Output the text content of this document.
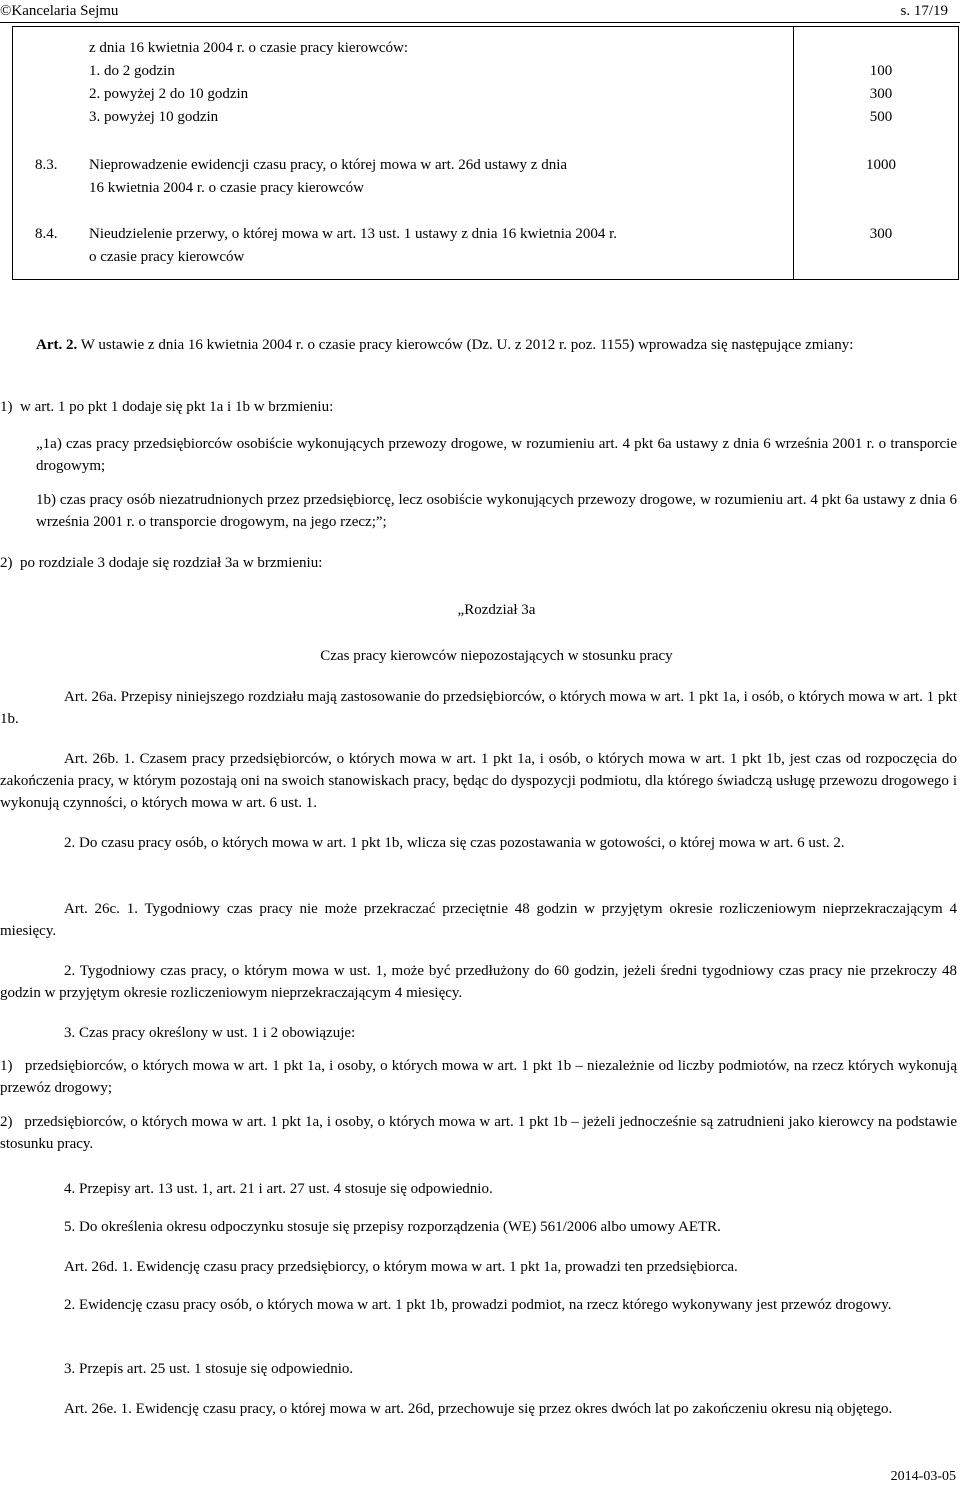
©Kancelaria Sejmu	s. 17/19
z dnia 16 kwietnia 2004 r. o czasie pracy kierowców:
1. do 2 godzin
2. powyżej 2 do 10 godzin
3. powyżej 10 godzin
100
300
500
8.3. Nieprowadzenie ewidencji czasu pracy, o której mowa w art. 26d ustawy z dnia
16 kwietnia 2004 r. o czasie pracy kierowców
1000
8.4. Nieudzielenie przerwy, o której mowa w art. 13 ust. 1 ustawy z dnia 16 kwietnia 2004 r.
o czasie pracy kierowców
300
Art. 2. W ustawie z dnia 16 kwietnia 2004 r. o czasie pracy kierowców (Dz. U. z 2012 r. poz. 1155) wprowadza się następujące zmiany:
1)  w art. 1 po pkt 1 dodaje się pkt 1a i 1b w brzmieniu:
„1a) czas pracy przedsiębiorców osobiście wykonujących przewozy drogowe, w rozumieniu art. 4 pkt 6a ustawy z dnia 6 września 2001 r. o transporcie drogowym;
1b) czas pracy osób niezatrudnionych przez przedsiębiorcę, lecz osobiście wykonujących przewozy drogowe, w rozumieniu art. 4 pkt 6a ustawy z dnia 6 września 2001 r. o transporcie drogowym, na jego rzecz;”;
2)  po rozdziale 3 dodaje się rozdział 3a w brzmieniu:
„Rozdział 3a
Czas pracy kierowców niepozostających w stosunku pracy
Art. 26a. Przepisy niniejszego rozdziału mają zastosowanie do przedsiębiorców, o których mowa w art. 1 pkt 1a, i osób, o których mowa w art. 1 pkt 1b.
Art. 26b. 1. Czasem pracy przedsiębiorców, o których mowa w art. 1 pkt 1a, i osób, o których mowa w art. 1 pkt 1b, jest czas od rozpoczęcia do zakończenia pracy, w którym pozostają oni na swoich stanowiskach pracy, będąc do dyspozycji podmiotu, dla którego świadczą usługę przewozu drogowego i wykonują czynności, o których mowa w art. 6 ust. 1.
2. Do czasu pracy osób, o których mowa w art. 1 pkt 1b, wlicza się czas pozostawania w gotowości, o której mowa w art. 6 ust. 2.
Art. 26c. 1. Tygodniowy czas pracy nie może przekraczać przeciętnie 48 godzin w przyjętym okresie rozliczeniowym nieprzekraczającym 4 miesięcy.
2. Tygodniowy czas pracy, o którym mowa w ust. 1, może być przedłużony do 60 godzin, jeżeli średni tygodniowy czas pracy nie przekroczy 48 godzin w przyjętym okresie rozliczeniowym nieprzekraczającym 4 miesięcy.
3. Czas pracy określony w ust. 1 i 2 obowiązuje:
1)   przedsiębiorców, o których mowa w art. 1 pkt 1a, i osoby, o których mowa w art. 1 pkt 1b – niezależnie od liczby podmiotów, na rzecz których wykonują przewóz drogowy;
2)   przedsiębiorców, o których mowa w art. 1 pkt 1a, i osoby, o których mowa w art. 1 pkt 1b – jeżeli jednocześnie są zatrudnieni jako kierowcy na podstawie stosunku pracy.
4. Przepisy art. 13 ust. 1, art. 21 i art. 27 ust. 4 stosuje się odpowiednio.
5. Do określenia okresu odpoczynku stosuje się przepisy rozporządzenia (WE) 561/2006 albo umowy AETR.
Art. 26d. 1. Ewidencję czasu pracy przedsiębiorcy, o którym mowa w art. 1 pkt 1a, prowadzi ten przedsiębiorca.
2. Ewidencję czasu pracy osób, o których mowa w art. 1 pkt 1b, prowadzi podmiot, na rzecz którego wykonywany jest przewóz drogowy.
3. Przepis art. 25 ust. 1 stosuje się odpowiednio.
Art. 26e. 1. Ewidencję czasu pracy, o której mowa w art. 26d, przechowuje się przez okres dwóch lat po zakończeniu okresu nią objętego.
2014-03-05
